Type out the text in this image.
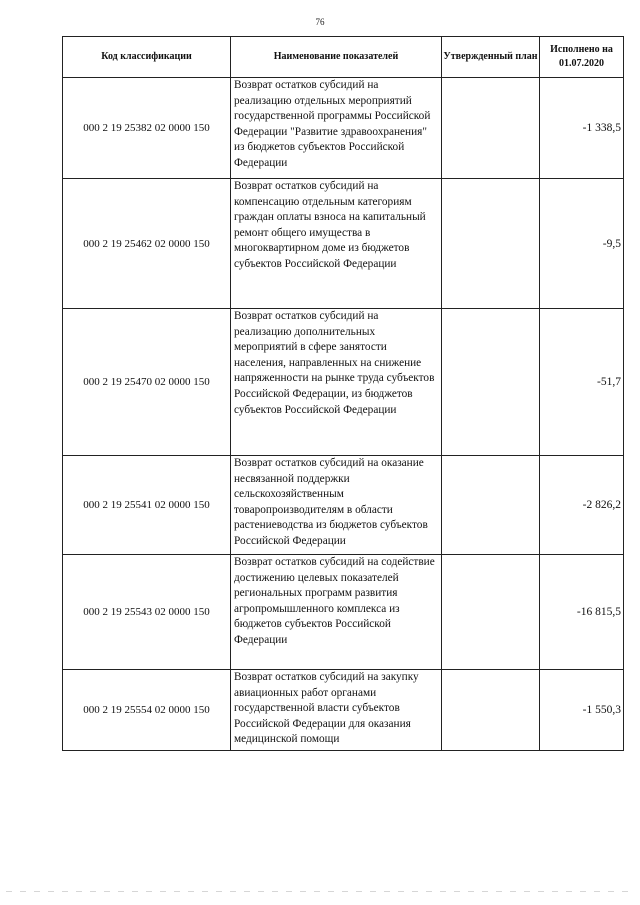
76
Код классификации	Наименование показателей	Утвержденный план	Исполнено на 01.07.2020
000 2 19 25382 02 0000 150	Возврат остатков субсидий на реализацию отдельных мероприятий государственной программы Российской Федерации "Развитие здравоохранения" из бюджетов субъектов Российской Федерации		-1 338,5
000 2 19 25462 02 0000 150	Возврат остатков субсидий на компенсацию отдельным категориям граждан оплаты взноса на капитальный ремонт общего имущества в многоквартирном доме из бюджетов субъектов Российской Федерации		-9,5
000 2 19 25470 02 0000 150	Возврат остатков субсидий на реализацию дополнительных мероприятий в сфере занятости населения, направленных на снижение напряженности на рынке труда субъектов Российской Федерации, из бюджетов субъектов Российской Федерации		-51,7
000 2 19 25541 02 0000 150	Возврат остатков субсидий на оказание несвязанной поддержки сельскохозяйственным товаропроизводителям в области растениеводства из бюджетов субъектов Российской Федерации		-2 826,2
000 2 19 25543 02 0000 150	Возврат остатков субсидий на содействие достижению целевых показателей региональных программ развития агропромышленного комплекса из бюджетов субъектов Российской Федерации		-16 815,5
000 2 19 25554 02 0000 150	Возврат остатков субсидий на закупку авиационных работ органами государственной власти субъектов Российской Федерации для оказания медицинской помощи		-1 550,3
